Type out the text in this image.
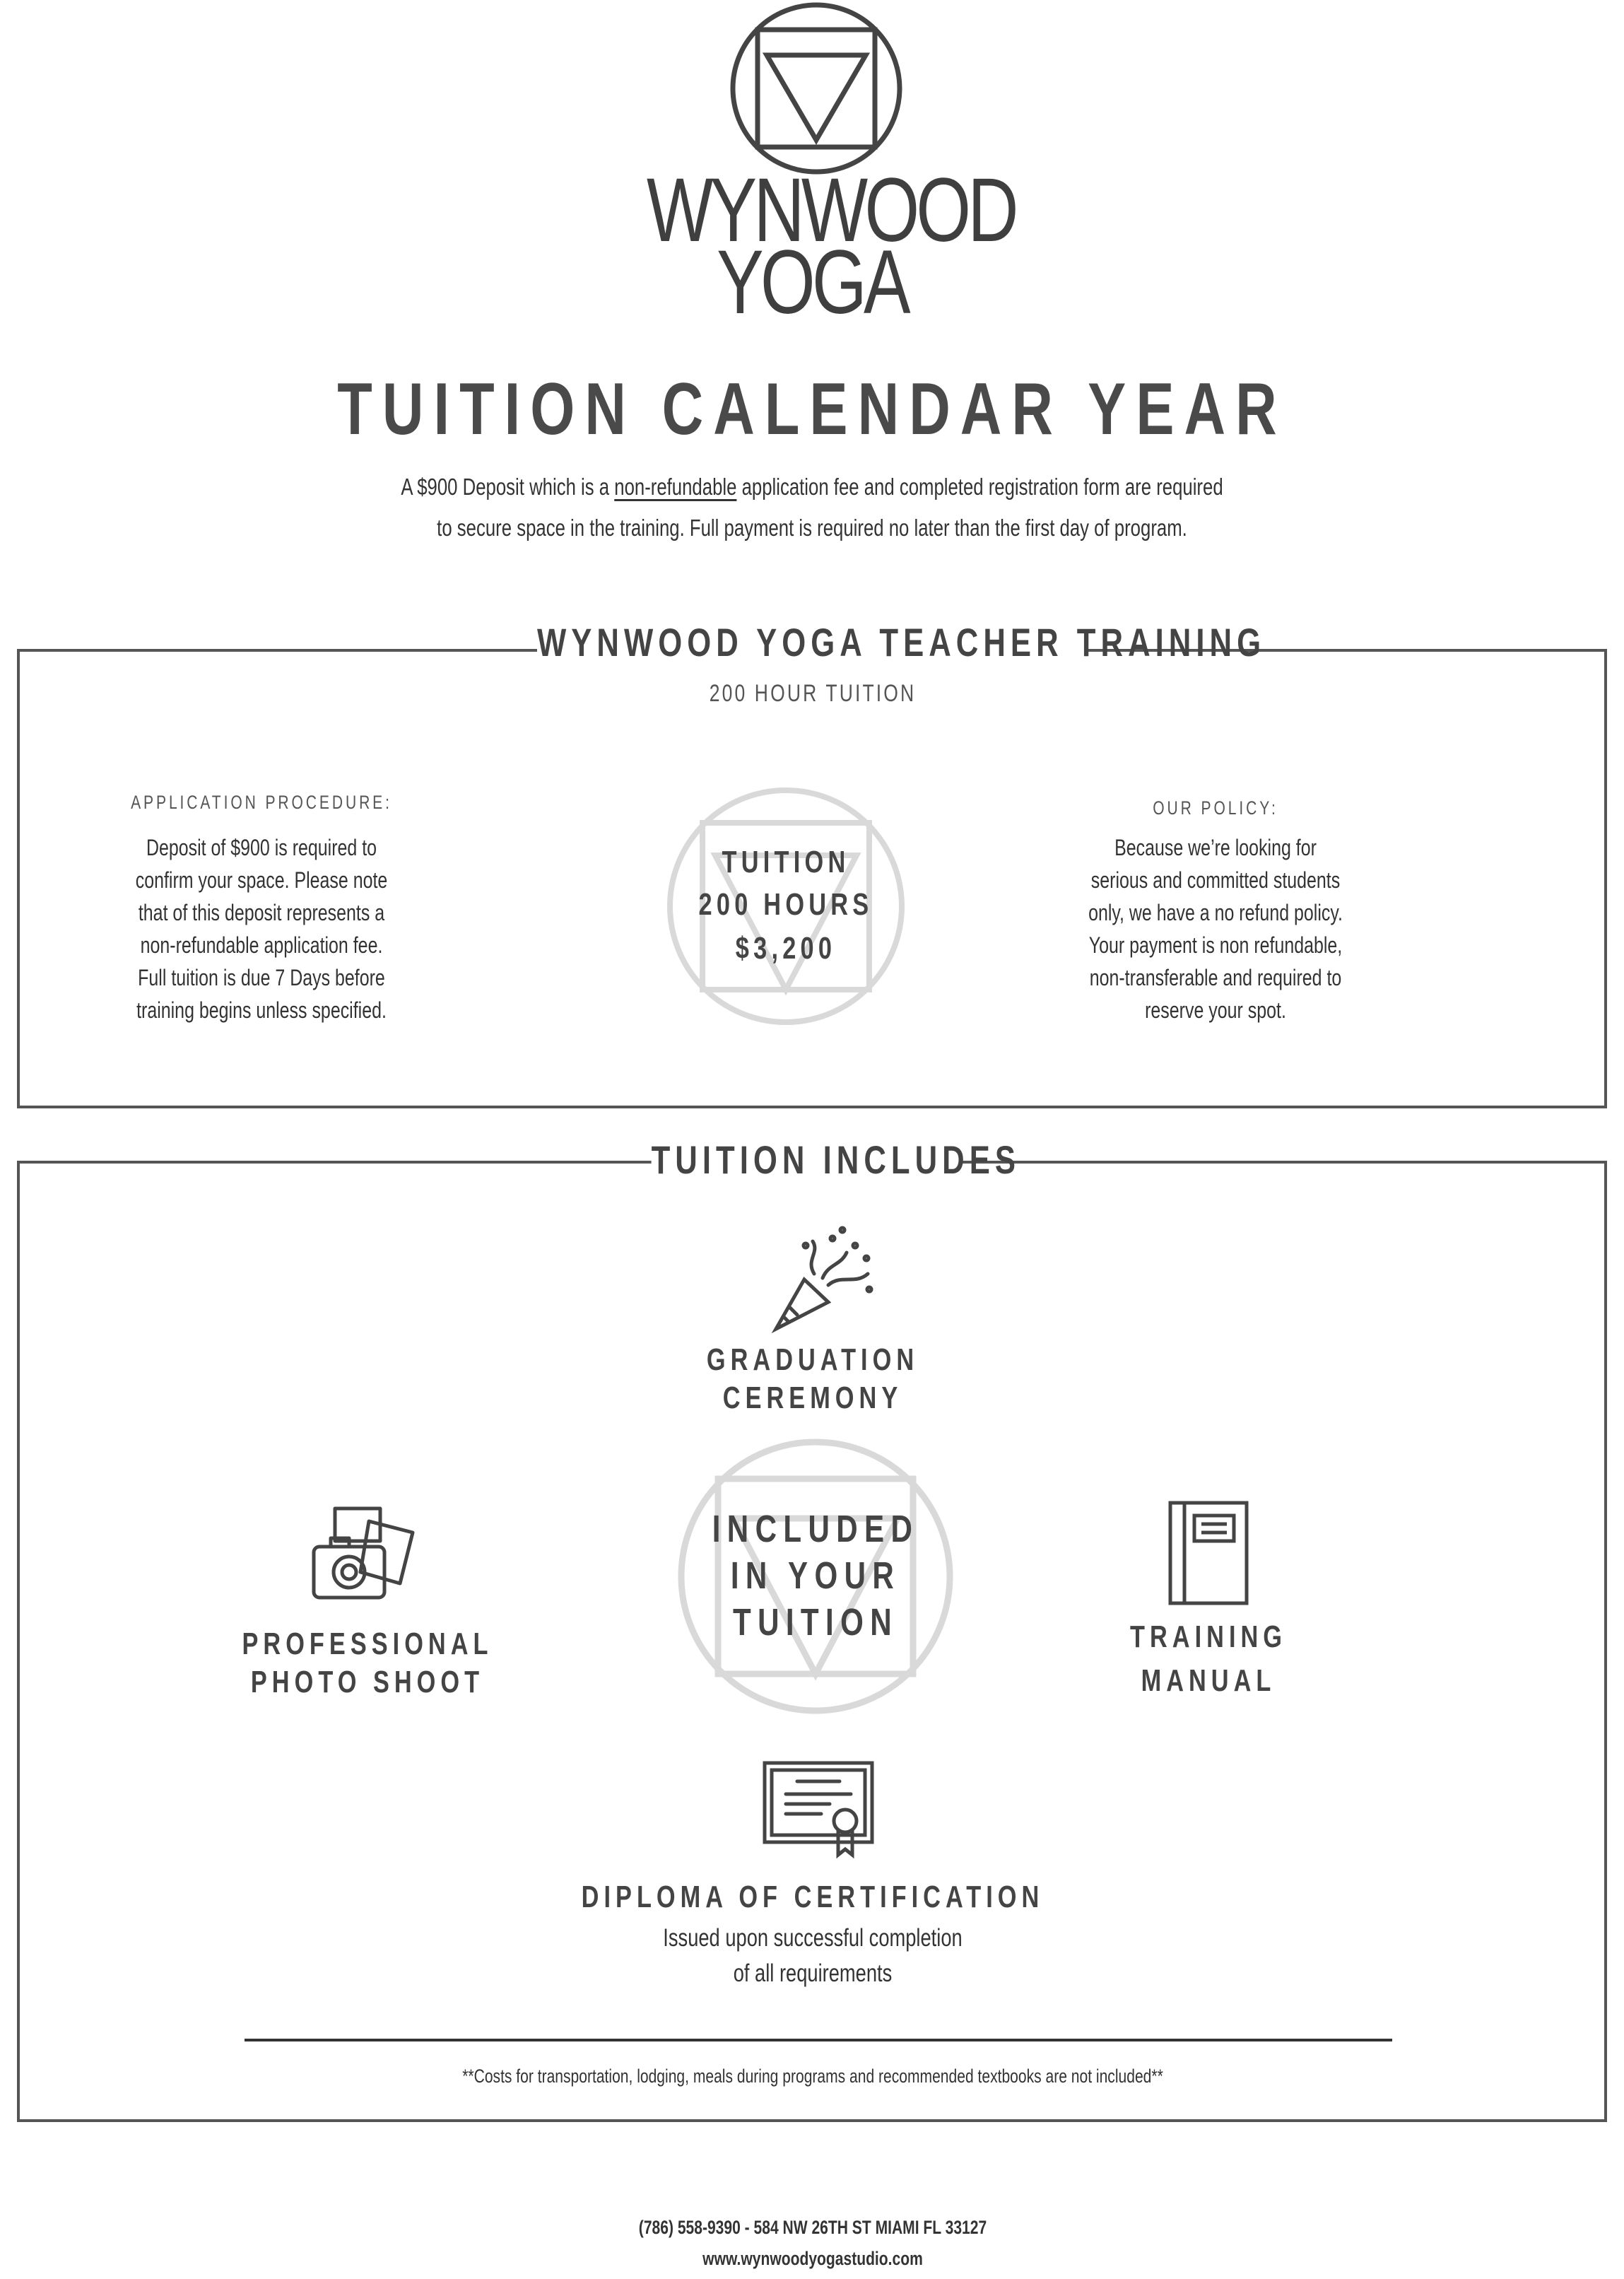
WYNWOOD
YOGA
TUITION CALENDAR YEAR
A $900 Deposit which is a non-refundable application fee and completed registration form are required
to secure space in the training. Full payment is required no later than the first day of program.
WYNWOOD YOGA TEACHER TRAINING
200 HOUR TUITION
APPLICATION PROCEDURE:
Deposit of $900 is required to
confirm your space. Please note
that of this deposit represents a
non-refundable application fee.
Full tuition is due 7 Days before
training begins unless specified.
TUITION
200 HOURS
$3,200
OUR POLICY:
Because we’re looking for
serious and committed students
only, we have a no refund policy.
Your payment is non refundable,
non-transferable and required to
reserve your spot.
TUITION INCLUDES
GRADUATION
CEREMONY
INCLUDED
IN YOUR
TUITION
PROFESSIONAL
PHOTO SHOOT
TRAINING
MANUAL
DIPLOMA OF CERTIFICATION
Issued upon successful completion
of all requirements
**Costs for transportation, lodging, meals during programs and recommended textbooks are not included**
(786) 558-9390 - 584 NW 26TH ST MIAMI FL 33127
www.wynwoodyogastudio.com
